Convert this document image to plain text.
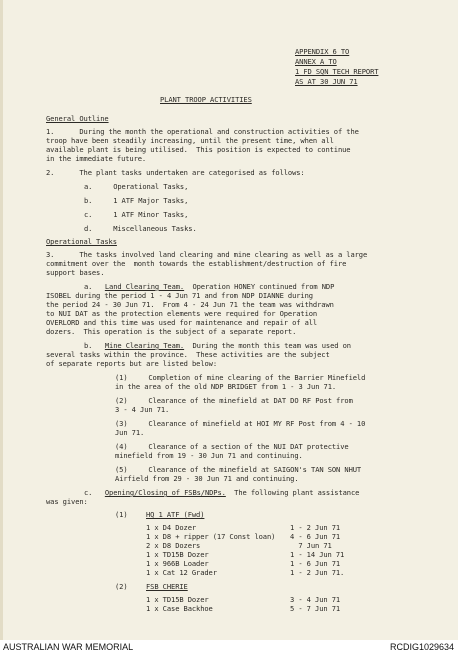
APPENDIX 6 TO
ANNEX A TO
1 FD SQN TECH REPORT
AS AT 30 JUN 71
PLANT TROOP ACTIVITIES
General Outline
1.      During the month the operational and construction activities of the
troop have been steadily increasing, until the present time, when all
available plant is being utilised.  This position is expected to continue
in the immediate future.
2.      The plant tasks undertaken are categorised as follows:
a.     Operational Tasks,
b.     1 ATF Major Tasks,
c.     1 ATF Minor Tasks,
d.     Miscellaneous Tasks.
Operational Tasks
3.      The tasks involved land clearing and mine clearing as well as a large
commitment over the  month towards the establishment/destruction of fire
support bases.
a. Land Clearing Team.  Operation HONEY continued from NDP
ISOBEL during the period 1 - 4 Jun 71 and from NDP DIANNE during
the period 24 - 30 Jun 71.  From 4 - 24 Jun 71 the team was withdrawn
to NUI DAT as the protection elements were required for Operation
OVERLORD and this time was used for maintenance and repair of all
dozers.  This operation is the subject of a separate report.
b. Mine Clearing Team.  During the month this team was used on
several tasks within the province.  These activities are the subject
of separate reports but are listed below:
(1)     Completion of mine clearing of the Barrier Minefield
in the area of the old NDP BRIDGET from 1 - 3 Jun 71.
(2)     Clearance of the minefield at DAT DO RF Post from
3 - 4 Jun 71.
(3)     Clearance of minefield at HOI MY RF Post from 4 - 10
Jun 71.
(4)     Clearance of a section of the NUI DAT protective
minefield from 19 - 30 Jun 71 and continuing.
(5)     Clearance of the minefield at SAIGON's TAN SON NHUT
Airfield from 29 - 30 Jun 71 and continuing.
c. Opening/Closing of FSBs/NDPs.  The following plant assistance
was given:
(1)	HQ 1 ATF (Fwd)
1 x D4 Dozer	1 - 2 Jun 71
1 x D8 + ripper (17 Const loan) 4 - 6 Jun 71
2 x D8 Dozers	7 Jun 71
1 x TD15B Dozer	1 - 14 Jun 71
1 x 966B Loader	1 - 6 Jun 71
1 x Cat 12 Grader	1 - 2 Jun 71.
(2)	FSB CHERIE
1 x TD15B Dozer	3 - 4 Jun 71
1 x Case Backhoe	5 - 7 Jun 71
AUSTRALIAN WAR MEMORIAL	RCDIG1029634
